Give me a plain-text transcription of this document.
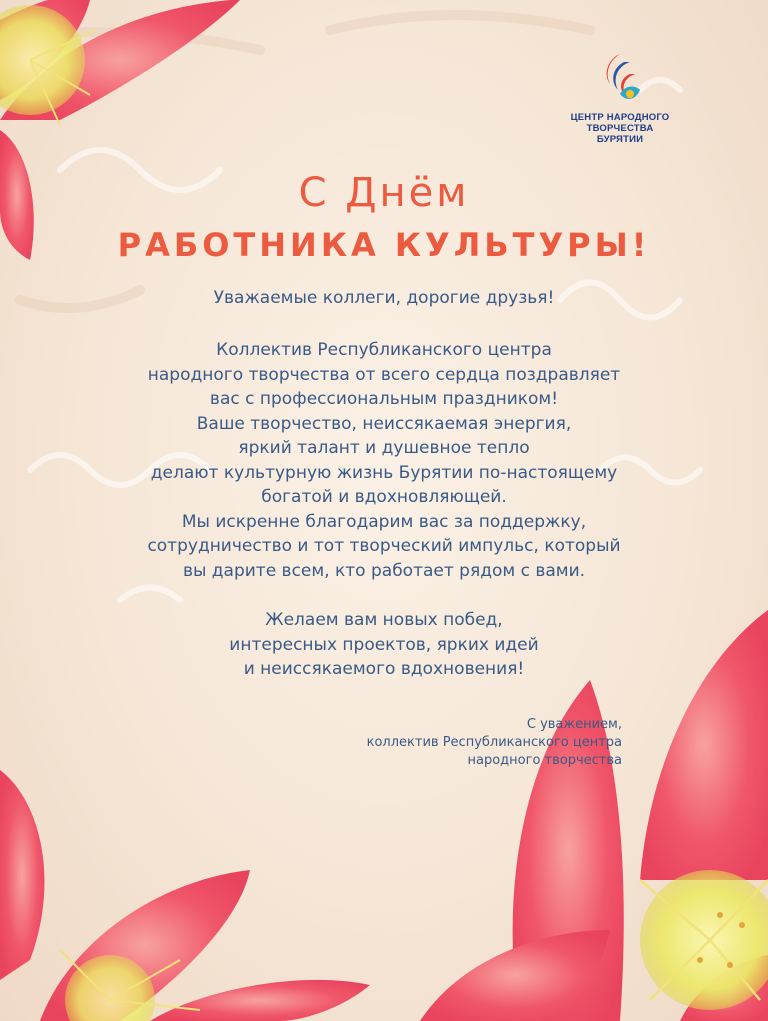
ЦЕНТР НАРОДНОГО
ТВОРЧЕСТВА
БУРЯТИИ
С Днём
РАБОТНИКА КУЛЬТУРЫ!
Уважаемые коллеги, дорогие друзья!
Коллектив Республиканского центра
народного творчества от всего сердца поздравляет
вас с профессиональным праздником!
Ваше творчество, неиссякаемая энергия,
яркий талант и душевное тепло
делают культурную жизнь Бурятии по-настоящему
богатой и вдохновляющей.
Мы искренне благодарим вас за поддержку,
сотрудничество и тот творческий импульс, который
вы дарите всем, кто работает рядом с вами.
Желаем вам новых побед,
интересных проектов, ярких идей
и неиссякаемого вдохновения!
С уважением,
коллектив Республиканского центра
народного творчества
